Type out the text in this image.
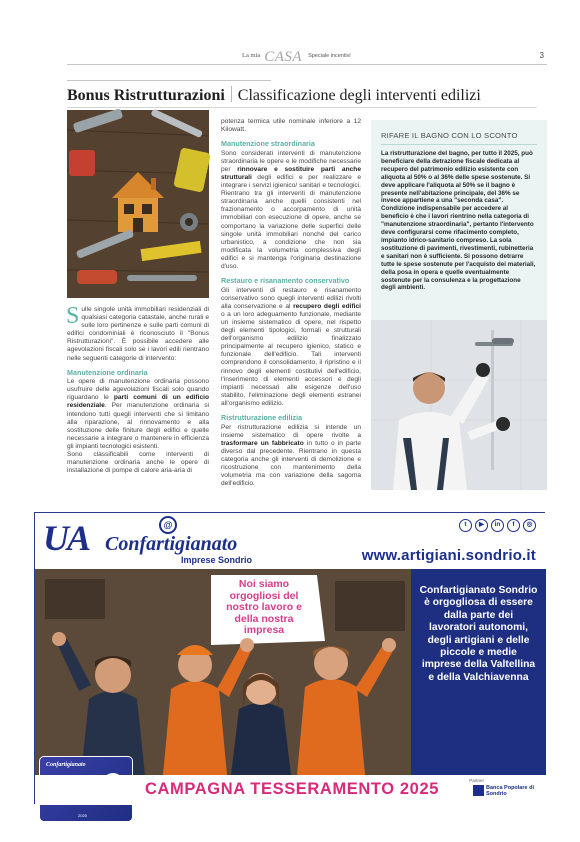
$^{La mia}$ CASA $^{Speciale incentivi}$	3
Bonus Ristrutturazioni Classificazione degli interventi edilizi

Sulle singole unità immobiliari residenziali di qualsiasi categoria catastale, anche rurali e sulle loro pertinenze e sulle parti comuni di edifici condominiali è riconosciuto il "Bonus Ristrutturazioni". È possibile accedere alle agevolazioni fiscali solo se i lavori edili rientrano nelle seguenti categorie di intervento:

Manutenzione ordinaria

Le opere di manutenzione ordinaria possono usufruire delle agevolazioni fiscali solo quando riguardano le parti comuni di un edificio residenziale. Per manutenzione ordinaria si intendono tutti quegli interventi che si limitano alla riparazione, al rinnovamento e alla sostituzione delle finiture degli edifici e quelle necessarie a integrare o mantenere in efficienza gli impianti tecnologici esistenti.

Sono classificabili come interventi di manutenzione ordinaria anche le opere di installazione di pompe di calore aria-aria di

potenza termica utile nominale inferiore a 12 Kilowatt.

Manutenzione straordinaria

Sono considerati interventi di manutenzione straordinaria le opere e le modifiche necessarie per rinnovare e sostituire parti anche strutturali degli edifici e per realizzare e integrare i servizi igienico/ sanitari e tecnologici. Rientrano tra gli interventi di manutenzione straordinaria anche quelli consistenti nel frazionamento o accorpamento di unità immobiliari con esecuzione di opere, anche se comportano la variazione delle superfici delle singole unità immobiliari nonché del carico urbanistico, a condizione che non sia modificata la volumetria complessiva degli edifici e si mantenga l'originaria destinazione d'uso.

Restauro e risanamento conservativo

Gli interventi di restauro e risanamento conservativo sono quegli interventi edilizi rivolti alla conservazione e al recupero degli edifici o a un loro adeguamento funzionale, mediante un insieme sistematico di opere, nel rispetto degli elementi tipologici, formali e strutturali dell'organismo edilizio finalizzato principalmente al recupero igienico, statico e funzionale dell'edificio. Tali interventi comprendono il consolidamento, il ripristino e il rinnovo degli elementi costitutivi dell'edificio, l'inserimento di elementi accessori e degli impianti necessari alle esigenze dell'uso stabilito, l'eliminazione degli elementi estranei all'organismo edilizio.

Ristrutturazione edilizia

Per ristrutturazione edilizia si intende un insieme sistematico di opere rivolte a trasformare un fabbricato in tutto o in parte diverso dal precedente. Rientrano in questa categoria anche gli interventi di demolizione e ricostruzione con mantenimento della volumetria ma con variazione della sagoma dell'edificio.

RIFARE IL BAGNO CON LO SCONTO
La ristrutturazione del bagno, per tutto il 2025, può beneficiare della detrazione fiscale dedicata al recupero del patrimonio edilizio esistente con aliquota al 50% o al 36% delle spese sostenute. Si deve applicare l'aliquota al 50% se il bagno è presente nell'abitazione principale, del 36% se invece appartiene a una "seconda casa". Condizione indispensabile per accedere al beneficio è che i lavori rientrino nella categoria di "manutenzione straordinaria", pertanto l'intervento deve configurarsi come rifacimento completo, impianto idrico-sanitario compreso. La sola sostituzione di pavimenti, rivestimenti, rubinetteria e sanitari non è sufficiente. Si possono detrarre tutte le spese sostenute per l'acquisto dei materiali, della posa in opera e quelle eventualmente sostenute per la consulenza e la progettazione degli ambienti.
UA	@
Confartigianato
Imprese Sondrio
t	▶	in	f	◎
www.artigiani.sondrio.it
Noi siamo orgogliosi del nostro lavoro e della nostra impresa
Confartigianato
2025
Confartigianato Sondrio è orgogliosa di essere dalla parte dei lavoratori autonomi, degli artigiani e delle piccole e medie imprese della Valtellina e della Valchiavenna
CAMPAGNA TESSERAMENTO 2025	Partner
Banca Popolare di Sondrio
